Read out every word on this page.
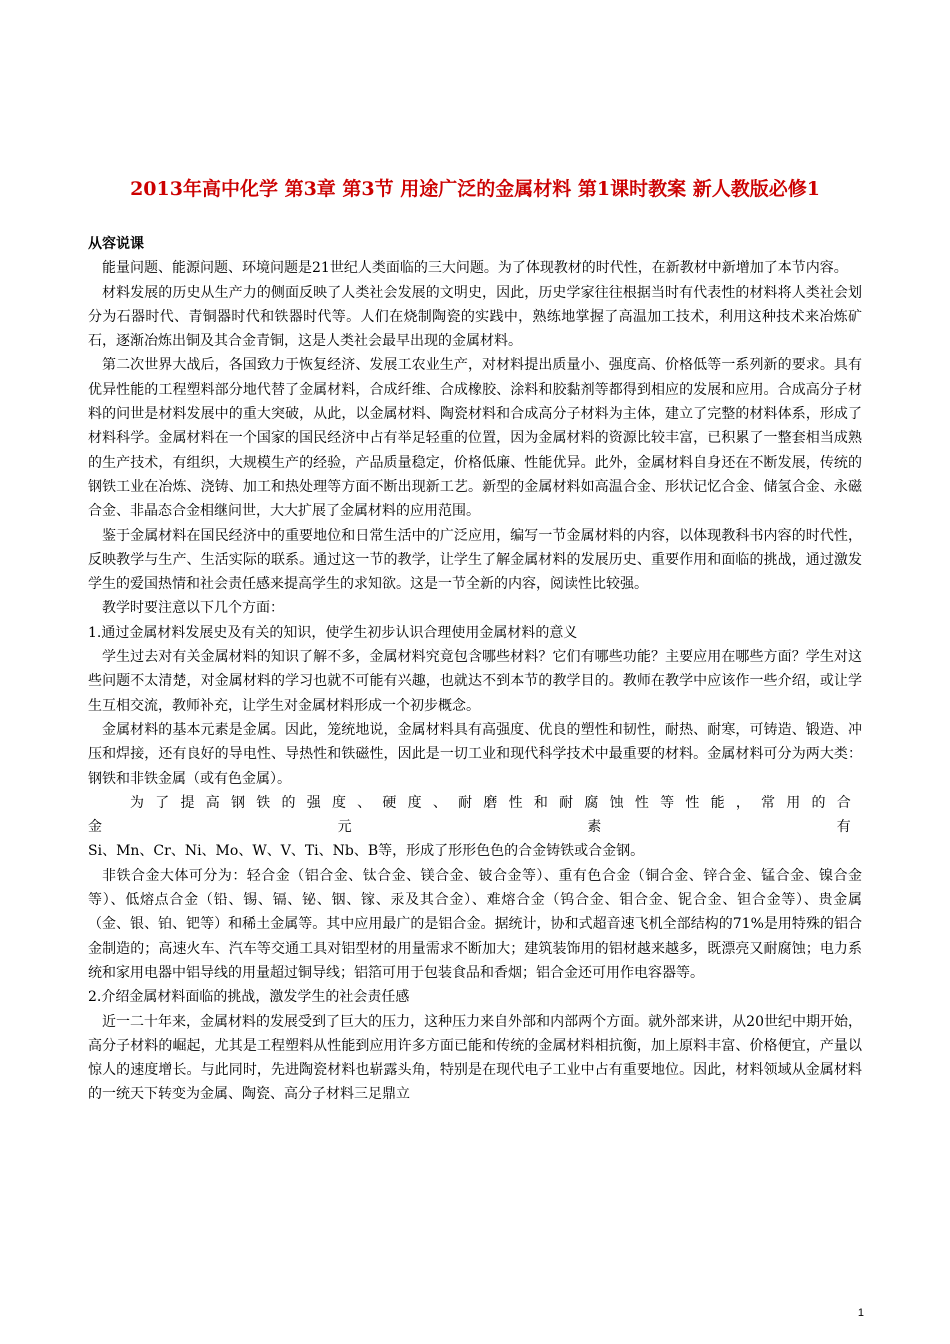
2013年高中化学 第3章 第3节 用途广泛的金属材料 第1课时教案 新人教版必修1

从容说课

能量问题、能源问题、环境问题是21世纪人类面临的三大问题。为了体现教材的时代性，在新教材中新增加了本节内容。

材料发展的历史从生产力的侧面反映了人类社会发展的文明史，因此，历史学家往往根据当时有代表性的材料将人类社会划分为石器时代、青铜器时代和铁器时代等。人们在烧制陶瓷的实践中，熟练地掌握了高温加工技术，利用这种技术来冶炼矿石，逐渐冶炼出铜及其合金青铜，这是人类社会最早出现的金属材料。

第二次世界大战后，各国致力于恢复经济、发展工农业生产，对材料提出质量小、强度高、价格低等一系列新的要求。具有优异性能的工程塑料部分地代替了金属材料，合成纤维、合成橡胶、涂料和胶黏剂等都得到相应的发展和应用。合成高分子材料的问世是材料发展中的重大突破，从此，以金属材料、陶瓷材料和合成高分子材料为主体，建立了完整的材料体系，形成了材料科学。金属材料在一个国家的国民经济中占有举足轻重的位置，因为金属材料的资源比较丰富，已积累了一整套相当成熟的生产技术，有组织，大规模生产的经验，产品质量稳定，价格低廉、性能优异。此外，金属材料自身还在不断发展，传统的钢铁工业在冶炼、浇铸、加工和热处理等方面不断出现新工艺。新型的金属材料如高温合金、形状记忆合金、储氢合金、永磁合金、非晶态合金相继问世，大大扩展了金属材料的应用范围。

鉴于金属材料在国民经济中的重要地位和日常生活中的广泛应用，编写一节金属材料的内容，以体现教科书内容的时代性，反映教学与生产、生活实际的联系。通过这一节的教学，让学生了解金属材料的发展历史、重要作用和面临的挑战，通过激发学生的爱国热情和社会责任感来提高学生的求知欲。这是一节全新的内容，阅读性比较强。

教学时要注意以下几个方面：

1.通过金属材料发展史及有关的知识，使学生初步认识合理使用金属材料的意义

学生过去对有关金属材料的知识了解不多，金属材料究竟包含哪些材料？它们有哪些功能？主要应用在哪些方面？学生对这些问题不太清楚，对金属材料的学习也就不可能有兴趣，也就达不到本节的教学目的。教师在教学中应该作一些介绍，或让学生互相交流，教师补充，让学生对金属材料形成一个初步概念。

金属材料的基本元素是金属。因此，笼统地说，金属材料具有高强度、优良的塑性和韧性，耐热、耐寒，可铸造、锻造、冲压和焊接，还有良好的导电性、导热性和铁磁性，因此是一切工业和现代科学技术中最重要的材料。金属材料可分为两大类：钢铁和非铁金属（或有色金属）。

为了提高钢铁的强度、硬度、耐磨性和耐腐蚀性等性能，常用的合金元素有

Si、Mn、Cr、Ni、Mo、W、V、Ti、Nb、B等，形成了形形色色的合金铸铁或合金钢。

非铁合金大体可分为：轻合金（铝合金、钛合金、镁合金、铍合金等）、重有色合金（铜合金、锌合金、锰合金、镍合金等）、低熔点合金（铅、锡、镉、铋、铟、镓、汞及其合金）、难熔合金（钨合金、钼合金、铌合金、钽合金等）、贵金属（金、银、铂、钯等）和稀土金属等。其中应用最广的是铝合金。据统计，协和式超音速飞机全部结构的71%是用特殊的铝合金制造的；高速火车、汽车等交通工具对铝型材的用量需求不断加大；建筑装饰用的铝材越来越多，既漂亮又耐腐蚀；电力系统和家用电器中铝导线的用量超过铜导线；铝箔可用于包装食品和香烟；铝合金还可用作电容器等。

2.介绍金属材料面临的挑战，激发学生的社会责任感

近一二十年来，金属材料的发展受到了巨大的压力，这种压力来自外部和内部两个方面。就外部来讲，从20世纪中期开始，高分子材料的崛起，尤其是工程塑料从性能到应用许多方面已能和传统的金属材料相抗衡，加上原料丰富、价格便宜，产量以惊人的速度增长。与此同时，先进陶瓷材料也崭露头角，特别是在现代电子工业中占有重要地位。因此，材料领域从金属材料的一统天下转变为金属、陶瓷、高分子材料三足鼎立

1
